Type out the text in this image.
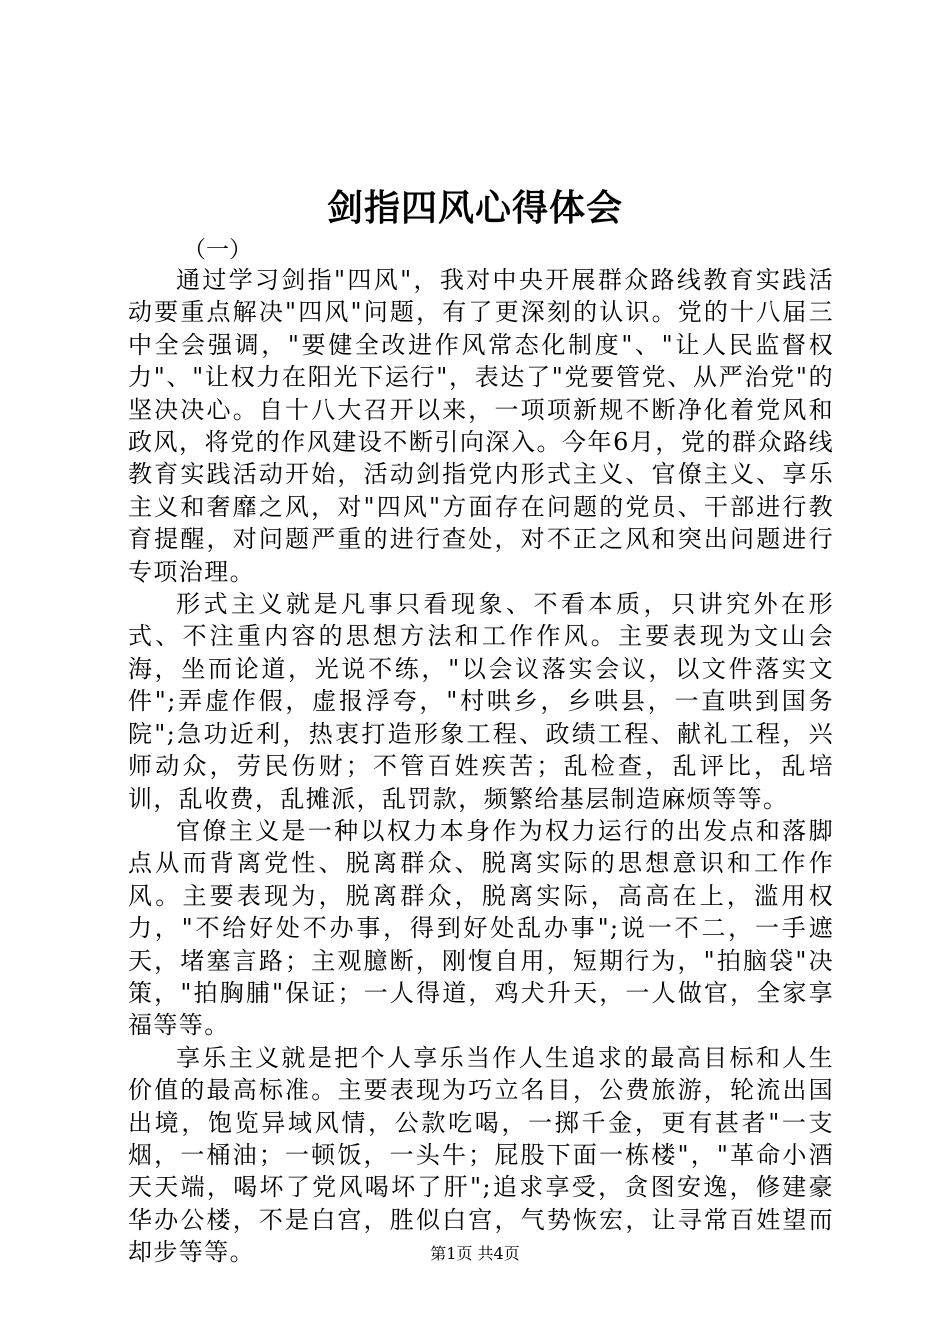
剑指四风心得体会
（一）

通过学习剑指"四风"，我对中央开展群众路线教育实践活动要重点解决"四风"问题，有了更深刻的认识。党的十八届三中全会强调，"要健全改进作风常态化制度"、"让人民监督权力"、"让权力在阳光下运行"，表达了"党要管党、从严治党"的坚决决心。自十八大召开以来，一项项新规不断净化着党风和政风，将党的作风建设不断引向深入。今年6月，党的群众路线教育实践活动开始，活动剑指党内形式主义、官僚主义、享乐主义和奢靡之风，对"四风"方面存在问题的党员、干部进行教育提醒，对问题严重的进行查处，对不正之风和突出问题进行专项治理。

形式主义就是凡事只看现象、不看本质，只讲究外在形式、不注重内容的思想方法和工作作风。主要表现为文山会海，坐而论道，光说不练，"以会议落实会议，以文件落实文件";弄虚作假，虚报浮夸，"村哄乡，乡哄县，一直哄到国务院";急功近利，热衷打造形象工程、政绩工程、献礼工程，兴师动众，劳民伤财；不管百姓疾苦；乱检查，乱评比，乱培训，乱收费，乱摊派，乱罚款，频繁给基层制造麻烦等等。

官僚主义是一种以权力本身作为权力运行的出发点和落脚点从而背离党性、脱离群众、脱离实际的思想意识和工作作风。主要表现为，脱离群众，脱离实际，高高在上，滥用权力，"不给好处不办事，得到好处乱办事";说一不二，一手遮天，堵塞言路；主观臆断，刚愎自用，短期行为，"拍脑袋"决策，"拍胸脯"保证；一人得道，鸡犬升天，一人做官，全家享福等等。

享乐主义就是把个人享乐当作人生追求的最高目标和人生价值的最高标准。主要表现为巧立名目，公费旅游，轮流出国出境，饱览异域风情，公款吃喝，一掷千金，更有甚者"一支烟，一桶油；一顿饭，一头牛；屁股下面一栋楼"，"革命小酒天天端，喝坏了党风喝坏了肝";追求享受，贪图安逸，修建豪华办公楼，不是白宫，胜似白宫，气势恢宏，让寻常百姓望而却步等等。	第1页 共4页
